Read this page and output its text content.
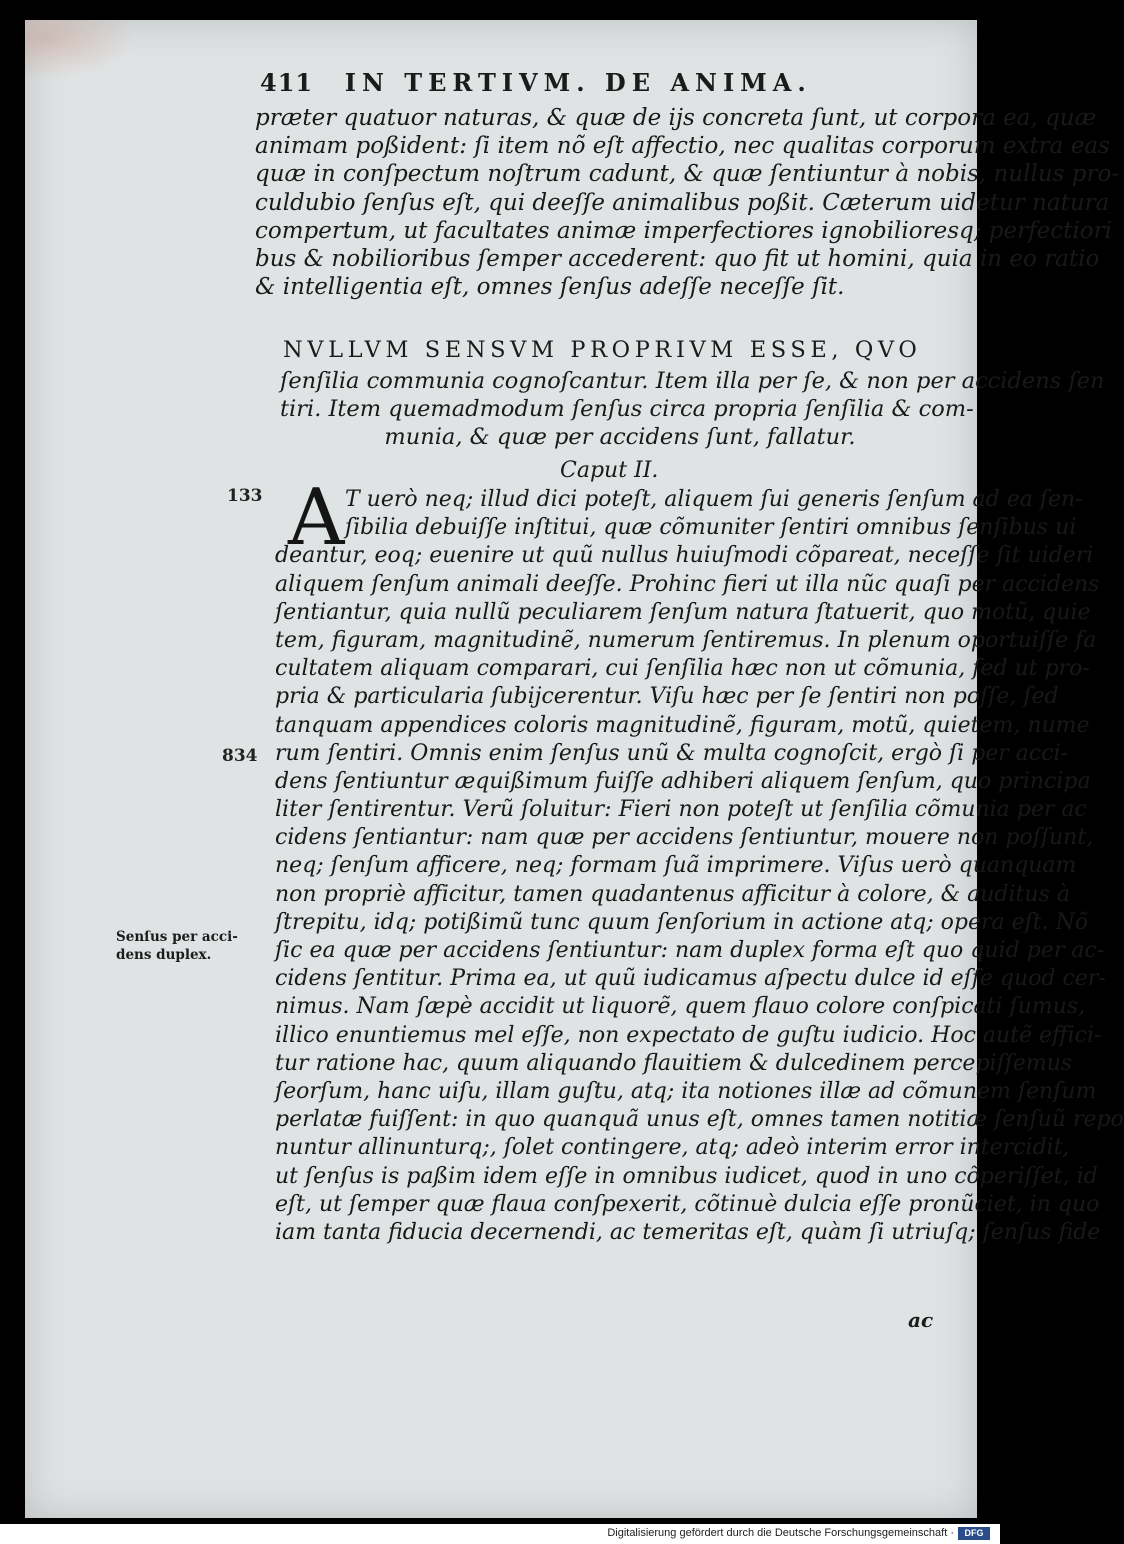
411 IN TERTIVM. DE ANIMA.
præter quatuor naturas, & quæ de ijs concreta ſunt, ut corpora ea, quæ
animam poßident: ſi item nõ eſt affectio, nec qualitas corporum extra eas
quæ in conſpectum noſtrum cadunt, & quæ ſentiuntur à nobis, nullus pro-
culdubio ſenſus eſt, qui deeſſe animalibus poßit. Cæterum uidetur natura
compertum, ut facultates animæ imperfectiores ignobilioresq; perfectiori
bus & nobilioribus ſemper accederent: quo fit ut homini, quia in eo ratio
& intelligentia eſt, omnes ſenſus adeſſe neceſſe ſit.
NVLLVM SENSVM PROPRIVM ESSE, QVO
ſenſilia communia cognoſcantur. Item illa per ſe, & non per accidens ſen
tiri. Item quemadmodum ſenſus circa propria ſenſilia & com-
munia, & quæ per accidens ſunt, fallatur.
Caput II.
A T uerò neq; illud dici poteſt, aliquem ſui generis ſenſum ad ea ſen-
ſibilia debuiſſe inſtitui, quæ cõmuniter ſentiri omnibus ſenſibus ui
deantur, eoq; euenire ut quũ nullus huiuſmodi cõpareat, neceſſe ſit uideri
aliquem ſenſum animali deeſſe. Prohinc fieri ut illa nũc quaſi per accidens
ſentiantur, quia nullũ peculiarem ſenſum natura ſtatuerit, quo motũ, quie
tem, figuram, magnitudinẽ, numerum ſentiremus. In plenum oportuiſſe fa
cultatem aliquam comparari, cui ſenſilia hæc non ut cõmunia, ſed ut pro-
pria & particularia ſubijcerentur. Viſu hæc per ſe ſentiri non poſſe, ſed
tanquam appendices coloris magnitudinẽ, figuram, motũ, quietem, nume
rum ſentiri. Omnis enim ſenſus unũ & multa cognoſcit, ergò ſi per acci-
dens ſentiuntur æquißimum fuiſſe adhiberi aliquem ſenſum, quo principa
liter ſentirentur. Verũ ſoluitur: Fieri non poteſt ut ſenſilia cõmunia per ac
cidens ſentiantur: nam quæ per accidens ſentiuntur, mouere non poſſunt,
neq; ſenſum afficere, neq; formam ſuã imprimere. Viſus uerò quanquam
non propriè afficitur, tamen quadantenus afficitur à colore, & auditus à
ſtrepitu, idq; potißimũ tunc quum ſenſorium in actione atq; opera eſt. Nõ
ſic ea quæ per accidens ſentiuntur: nam duplex forma eſt quo quid per ac-
cidens ſentitur. Prima ea, ut quũ iudicamus aſpectu dulce id eſſe quod cer-
nimus. Nam ſæpè accidit ut liquorẽ, quem flauo colore conſpicati ſumus,
illico enuntiemus mel eſſe, non expectato de guſtu iudicio. Hoc autẽ effici-
tur ratione hac, quum aliquando flauitiem & dulcedinem percepiſſemus
ſeorſum, hanc uiſu, illam guſtu, atq; ita notiones illæ ad cõmunem ſenſum
perlatæ fuiſſent: in quo quanquã unus eſt, omnes tamen notitiæ ſenſuũ repo
nuntur allinunturq;, ſolet contingere, atq; adeò interim error intercidit,
ut ſenſus is paßim idem eſſe in omnibus iudicet, quod in uno cõperiſſet, id
eſt, ut ſemper quæ flaua conſpexerit, cõtinuè dulcia eſſe pronũciet, in quo
iam tanta fiducia decernendi, ac temeritas eſt, quàm ſi utriuſq; ſenſus fide
133
834
Senſus per acci-
dens duplex.
ac
Digitalisierung gefördert durch die Deutsche Forschungsgemeinschaft ·	DFG
